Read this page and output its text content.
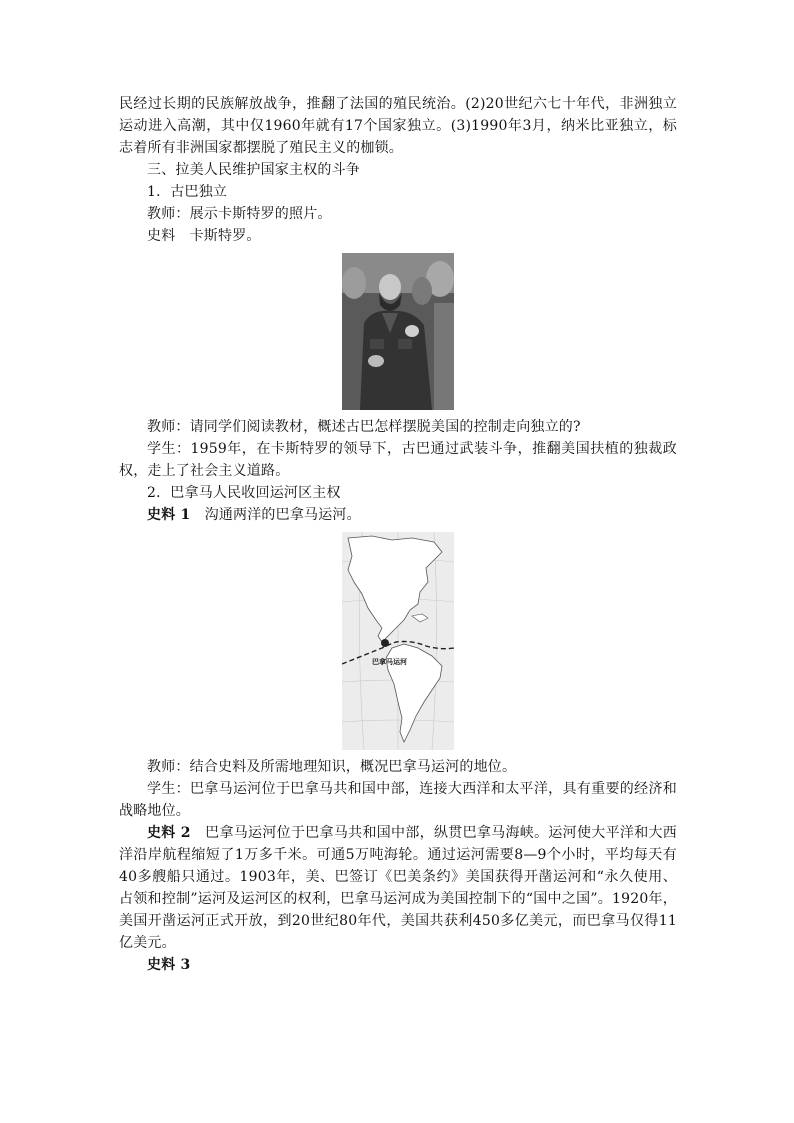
民经过长期的民族解放战争，推翻了法国的殖民统治。(2)20世纪六七十年代，非洲独立运动进入高潮，其中仅1960年就有17个国家独立。(3)1990年3月，纳米比亚独立，标志着所有非洲国家都摆脱了殖民主义的枷锁。

三、拉美人民维护国家主权的斗争

1．古巴独立

教师：展示卡斯特罗的照片。

史料　卡斯特罗。

教师：请同学们阅读教材，概述古巴怎样摆脱美国的控制走向独立的?

学生：1959年，在卡斯特罗的领导下，古巴通过武装斗争，推翻美国扶植的独裁政权，走上了社会主义道路。

2．巴拿马人民收回运河区主权

史料 1　沟通两洋的巴拿马运河。

巴拿马运河

教师：结合史料及所需地理知识，概况巴拿马运河的地位。

学生：巴拿马运河位于巴拿马共和国中部，连接大西洋和太平洋，具有重要的经济和战略地位。

史料 2　巴拿马运河位于巴拿马共和国中部，纵贯巴拿马海峡。运河使大平洋和大西洋沿岸航程缩短了1万多千米。可通5万吨海轮。通过运河需要8—9个小时，平均每天有40多艘船只通过。1903年，美、巴签订《巴美条约》美国获得开凿运河和“永久使用、占领和控制”运河及运河区的权利，巴拿马运河成为美国控制下的“国中之国”。1920年，美国开凿运河正式开放，到20世纪80年代，美国共获利450多亿美元，而巴拿马仅得11亿美元。

史料 3
